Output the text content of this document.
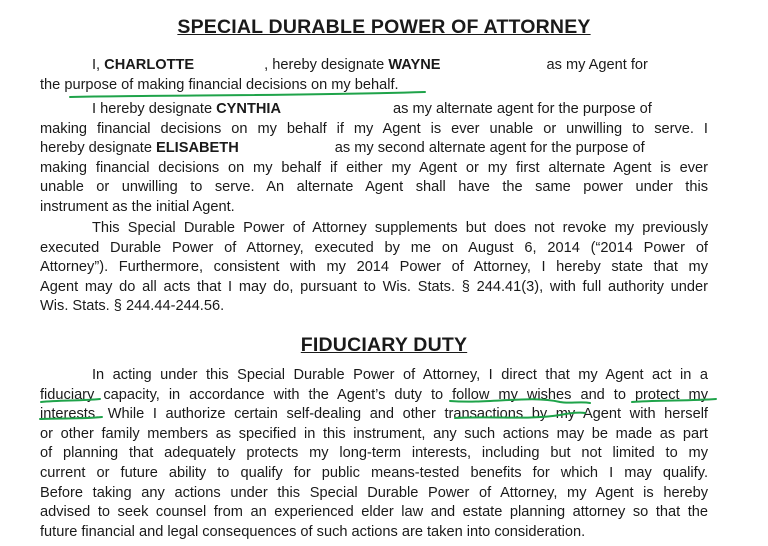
SPECIAL DURABLE POWER OF ATTORNEY
I, CHARLOTTE	, hereby designate WAYNE	as my Agent for
the purpose of making financial decisions on my behalf.
I hereby designate CYNTHIA	as my alternate agent for the purpose of
making financial decisions on my behalf if my Agent is ever unable or unwilling to serve. I
hereby designate ELISABETH	as my second alternate agent for the purpose of
making financial decisions on my behalf if either my Agent or my first alternate Agent is ever
unable or unwilling to serve. An alternate Agent shall have the same power under this
instrument as the initial Agent.
This Special Durable Power of Attorney supplements but does not revoke my previously
executed Durable Power of Attorney, executed by me on August 6, 2014 (“2014 Power of
Attorney”). Furthermore, consistent with my 2014 Power of Attorney, I hereby state that my
Agent may do all acts that I may do, pursuant to Wis. Stats. § 244.41(3), with full authority under
Wis. Stats. § 244.44-244.56.
FIDUCIARY DUTY
In acting under this Special Durable Power of Attorney, I direct that my Agent act in a
fiduciary capacity, in accordance with the Agent’s duty to follow my wishes and to protect my
interests. While I authorize certain self-dealing and other transactions by my Agent with herself
or other family members as specified in this instrument, any such actions may be made as part
of planning that adequately protects my long-term interests, including but not limited to my
current or future ability to qualify for public means-tested benefits for which I may qualify.
Before taking any actions under this Special Durable Power of Attorney, my Agent is hereby
advised to seek counsel from an experienced elder law and estate planning attorney so that the
future financial and legal consequences of such actions are taken into consideration.
